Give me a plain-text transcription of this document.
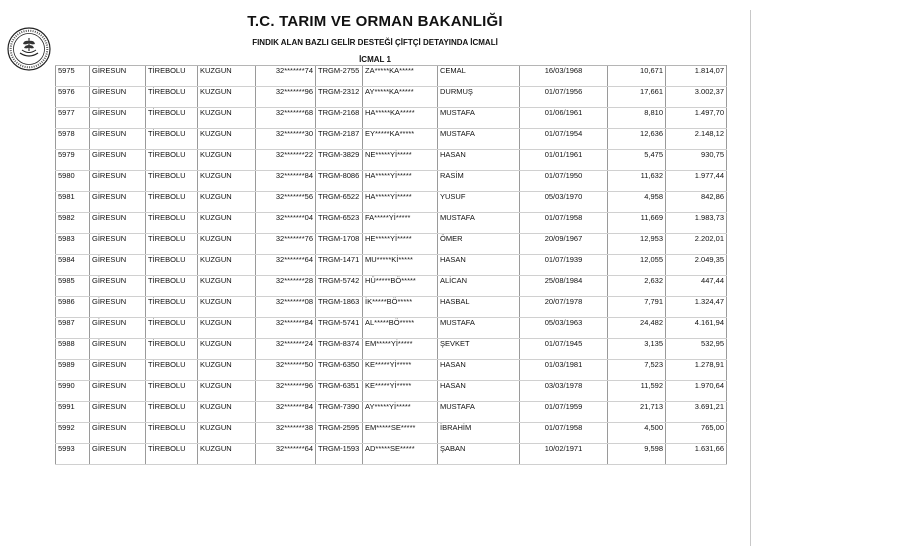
T.C. TARIM VE ORMAN BAKANLIĞI
FINDIK ALAN BAZLI GELİR DESTEĞİ ÇİFTÇİ DETAYINDA İCMALİ
İCMAL 1
5975	GİRESUN	TİREBOLU	KUZGUN	32*******74	TRGM-2755	ZA*****KA*****	CEMAL	16/03/1968	10,671	1.814,07
5976	GİRESUN	TİREBOLU	KUZGUN	32*******96	TRGM-2312	AY*****KA*****	DURMUŞ	01/07/1956	17,661	3.002,37
5977	GİRESUN	TİREBOLU	KUZGUN	32*******68	TRGM-2168	HA*****KA*****	MUSTAFA	01/06/1961	8,810	1.497,70
5978	GİRESUN	TİREBOLU	KUZGUN	32*******30	TRGM-2187	EY*****KA*****	MUSTAFA	01/07/1954	12,636	2.148,12
5979	GİRESUN	TİREBOLU	KUZGUN	32*******22	TRGM-3829	NE*****Yİ*****	HASAN	01/01/1961	5,475	930,75
5980	GİRESUN	TİREBOLU	KUZGUN	32*******84	TRGM-8086	HA*****Yİ*****	RASİM	01/07/1950	11,632	1.977,44
5981	GİRESUN	TİREBOLU	KUZGUN	32*******56	TRGM-6522	HA*****Yİ*****	YUSUF	05/03/1970	4,958	842,86
5982	GİRESUN	TİREBOLU	KUZGUN	32*******04	TRGM-6523	FA*****Yİ*****	MUSTAFA	01/07/1958	11,669	1.983,73
5983	GİRESUN	TİREBOLU	KUZGUN	32*******76	TRGM-1708	HE*****Yİ*****	ÖMER	20/09/1967	12,953	2.202,01
5984	GİRESUN	TİREBOLU	KUZGUN	32*******64	TRGM-1471	MU*****Kİ*****	HASAN	01/07/1939	12,055	2.049,35
5985	GİRESUN	TİREBOLU	KUZGUN	32*******28	TRGM-5742	HÜ*****BÖ*****	ALİCAN	25/08/1984	2,632	447,44
5986	GİRESUN	TİREBOLU	KUZGUN	32*******08	TRGM-1863	İK*****BÖ*****	HASBAL	20/07/1978	7,791	1.324,47
5987	GİRESUN	TİREBOLU	KUZGUN	32*******84	TRGM-5741	AL*****BÖ*****	MUSTAFA	05/03/1963	24,482	4.161,94
5988	GİRESUN	TİREBOLU	KUZGUN	32*******24	TRGM-8374	EM*****Yİ*****	ŞEVKET	01/07/1945	3,135	532,95
5989	GİRESUN	TİREBOLU	KUZGUN	32*******50	TRGM-6350	KE*****Yİ*****	HASAN	01/03/1981	7,523	1.278,91
5990	GİRESUN	TİREBOLU	KUZGUN	32*******96	TRGM-6351	KE*****Yİ*****	HASAN	03/03/1978	11,592	1.970,64
5991	GİRESUN	TİREBOLU	KUZGUN	32*******84	TRGM-7390	AY*****Yİ*****	MUSTAFA	01/07/1959	21,713	3.691,21
5992	GİRESUN	TİREBOLU	KUZGUN	32*******38	TRGM-2595	EM*****SE*****	İBRAHİM	01/07/1958	4,500	765,00
5993	GİRESUN	TİREBOLU	KUZGUN	32*******64	TRGM-1593	AD*****SE*****	ŞABAN	10/02/1971	9,598	1.631,66
